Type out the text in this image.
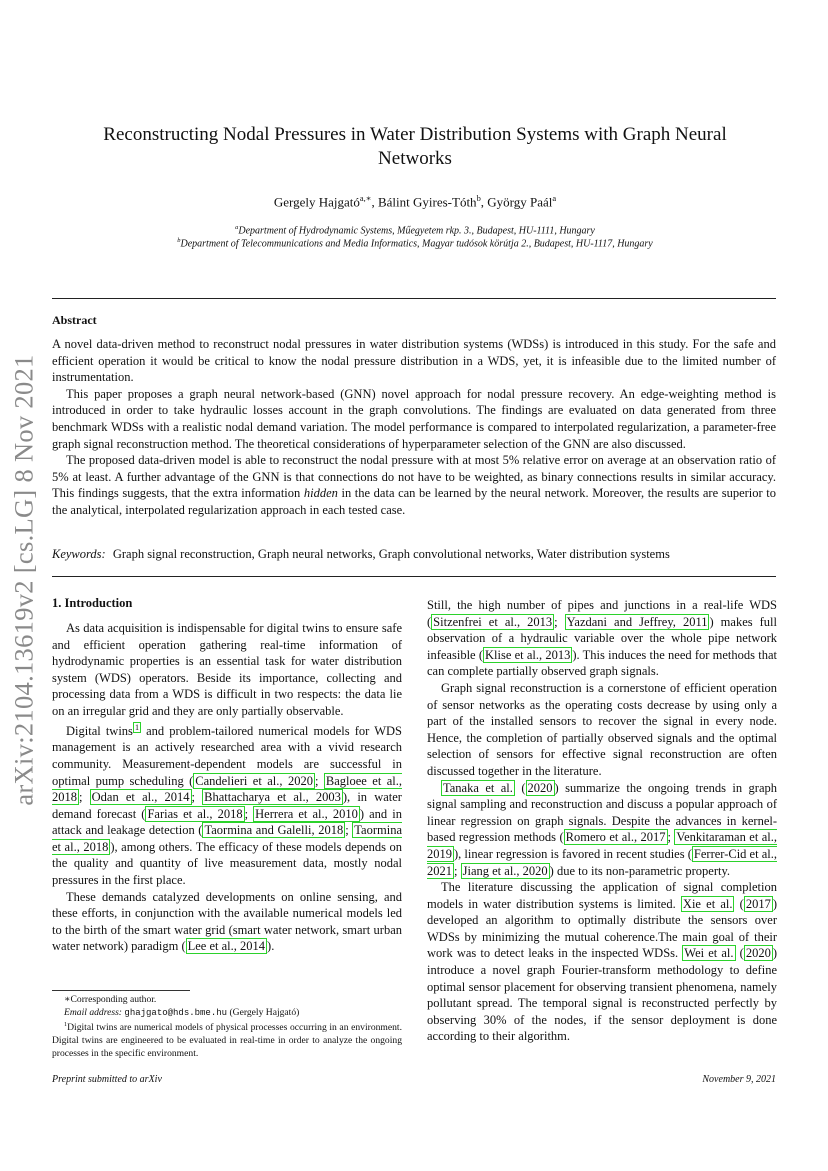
arXiv:2104.13619v2 [cs.LG] 8 Nov 2021
Reconstructing Nodal Pressures in Water Distribution Systems with Graph Neural
Networks
Gergely Hajgató$^{a,∗}$, Bálint Gyires-Tóth$^b$, György Paál$^a$
$^a$Department of Hydrodynamic Systems, Műegyetem rkp. 3., Budapest, HU-1111, Hungary
$^b$Department of Telecommunications and Media Informatics, Magyar tudósok körútja 2., Budapest, HU-1117, Hungary
Abstract

A novel data-driven method to reconstruct nodal pressures in water distribution systems (WDSs) is introduced in this study. For the safe and efficient operation it would be critical to know the nodal pressure distribution in a WDS, yet, it is infeasible due to the limited number of instrumentation.

This paper proposes a graph neural network-based (GNN) novel approach for nodal pressure recovery. An edge-weighting method is introduced in order to take hydraulic losses account in the graph convolutions. The findings are evaluated on data generated from three benchmark WDSs with a realistic nodal demand variation. The model performance is compared to interpolated regularization, a parameter-free graph signal reconstruction method. The theoretical considerations of hyperparameter selection of the GNN are also discussed.

The proposed data-driven model is able to reconstruct the nodal pressure with at most 5% relative error on average at an observation ratio of 5% at least. A further advantage of the GNN is that connections do not have to be weighted, as binary connections results in similar accuracy. This findings suggests, that the extra information hidden in the data can be learned by the neural network. Moreover, the results are superior to the analytical, interpolated regularization approach in each tested case.

Keywords: Graph signal reconstruction, Graph neural networks, Graph convolutional networks, Water distribution systems
1. Introduction

As data acquisition is indispensable for digital twins to ensure safe and efficient operation gathering real-time information of hydrodynamic properties is an essential task for water distribution system (WDS) operators. Beside its importance, collecting and processing data from a WDS is difficult in two respects: the data lie on an irregular grid and they are only partially observable.

Digital twins $^1$ and problem-tailored numerical models for WDS management is an actively researched area with a vivid research community. Measurement-dependent models are successful in optimal pump scheduling ( Candelieri et al., 2020 ; Bagloee et al., 2018 ; Odan et al., 2014 ; Bhattacharya et al., 2003 ), in water demand forecast ( Farias et al., 2018 ; Herrera et al., 2010 ) and in attack and leakage detection ( Taormina and Galelli, 2018 ; Taormina et al., 2018 ), among others. The efficacy of these models depends on the quality and quantity of live measurement data, mostly nodal pressures in the first place.

These demands catalyzed developments on online sensing, and these efforts, in conjunction with the available numerical models led to the birth of the smart water grid (smart water network, smart urban water network) paradigm ( Lee et al., 2014 ).

Still, the high number of pipes and junctions in a real-life WDS ( Sitzenfrei et al., 2013 ; Yazdani and Jeffrey, 2011 ) makes full observation of a hydraulic variable over the whole pipe network infeasible ( Klise et al., 2013 ). This induces the need for methods that can complete partially observed graph signals.

Graph signal reconstruction is a cornerstone of efficient operation of sensor networks as the operating costs decrease by using only a part of the installed sensors to recover the signal in every node. Hence, the completion of partially observed signals and the optimal selection of sensors for effective signal reconstruction are often discussed together in the literature.

Tanaka et al. ( 2020 ) summarize the ongoing trends in graph signal sampling and reconstruction and discuss a popular approach of linear regression on graph signals. Despite the advances in kernel-based regression methods ( Romero et al., 2017 ; Venkitaraman et al., 2019 ), linear regression is favored in recent studies ( Ferrer-Cid et al., 2021 ; Jiang et al., 2020 ) due to its non-parametric property.

The literature discussing the application of signal completion models in water distribution systems is limited. Xie et al. ( 2017 ) developed an algorithm to optimally distribute the sensors over WDSs by minimizing the mutual coherence.The main goal of their work was to detect leaks in the inspected WDSs. Wei et al. ( 2020 ) introduce a novel graph Fourier-transform methodology to define optimal sensor placement for observing transient phenomena, namely pollutant spread. The temporal signal is reconstructed perfectly by observing 30% of the nodes, if the sensor deployment is done according to their algorithm.

∗Corresponding author.
Email address: ghajgato@hds.bme.hu (Gergely Hajgató)
$^1$Digital twins are numerical models of physical processes occurring in an environment. Digital twins are engineered to be evaluated in real-time in order to analyze the ongoing processes in the specific environment.
Preprint submitted to arXiv	November 9, 2021
